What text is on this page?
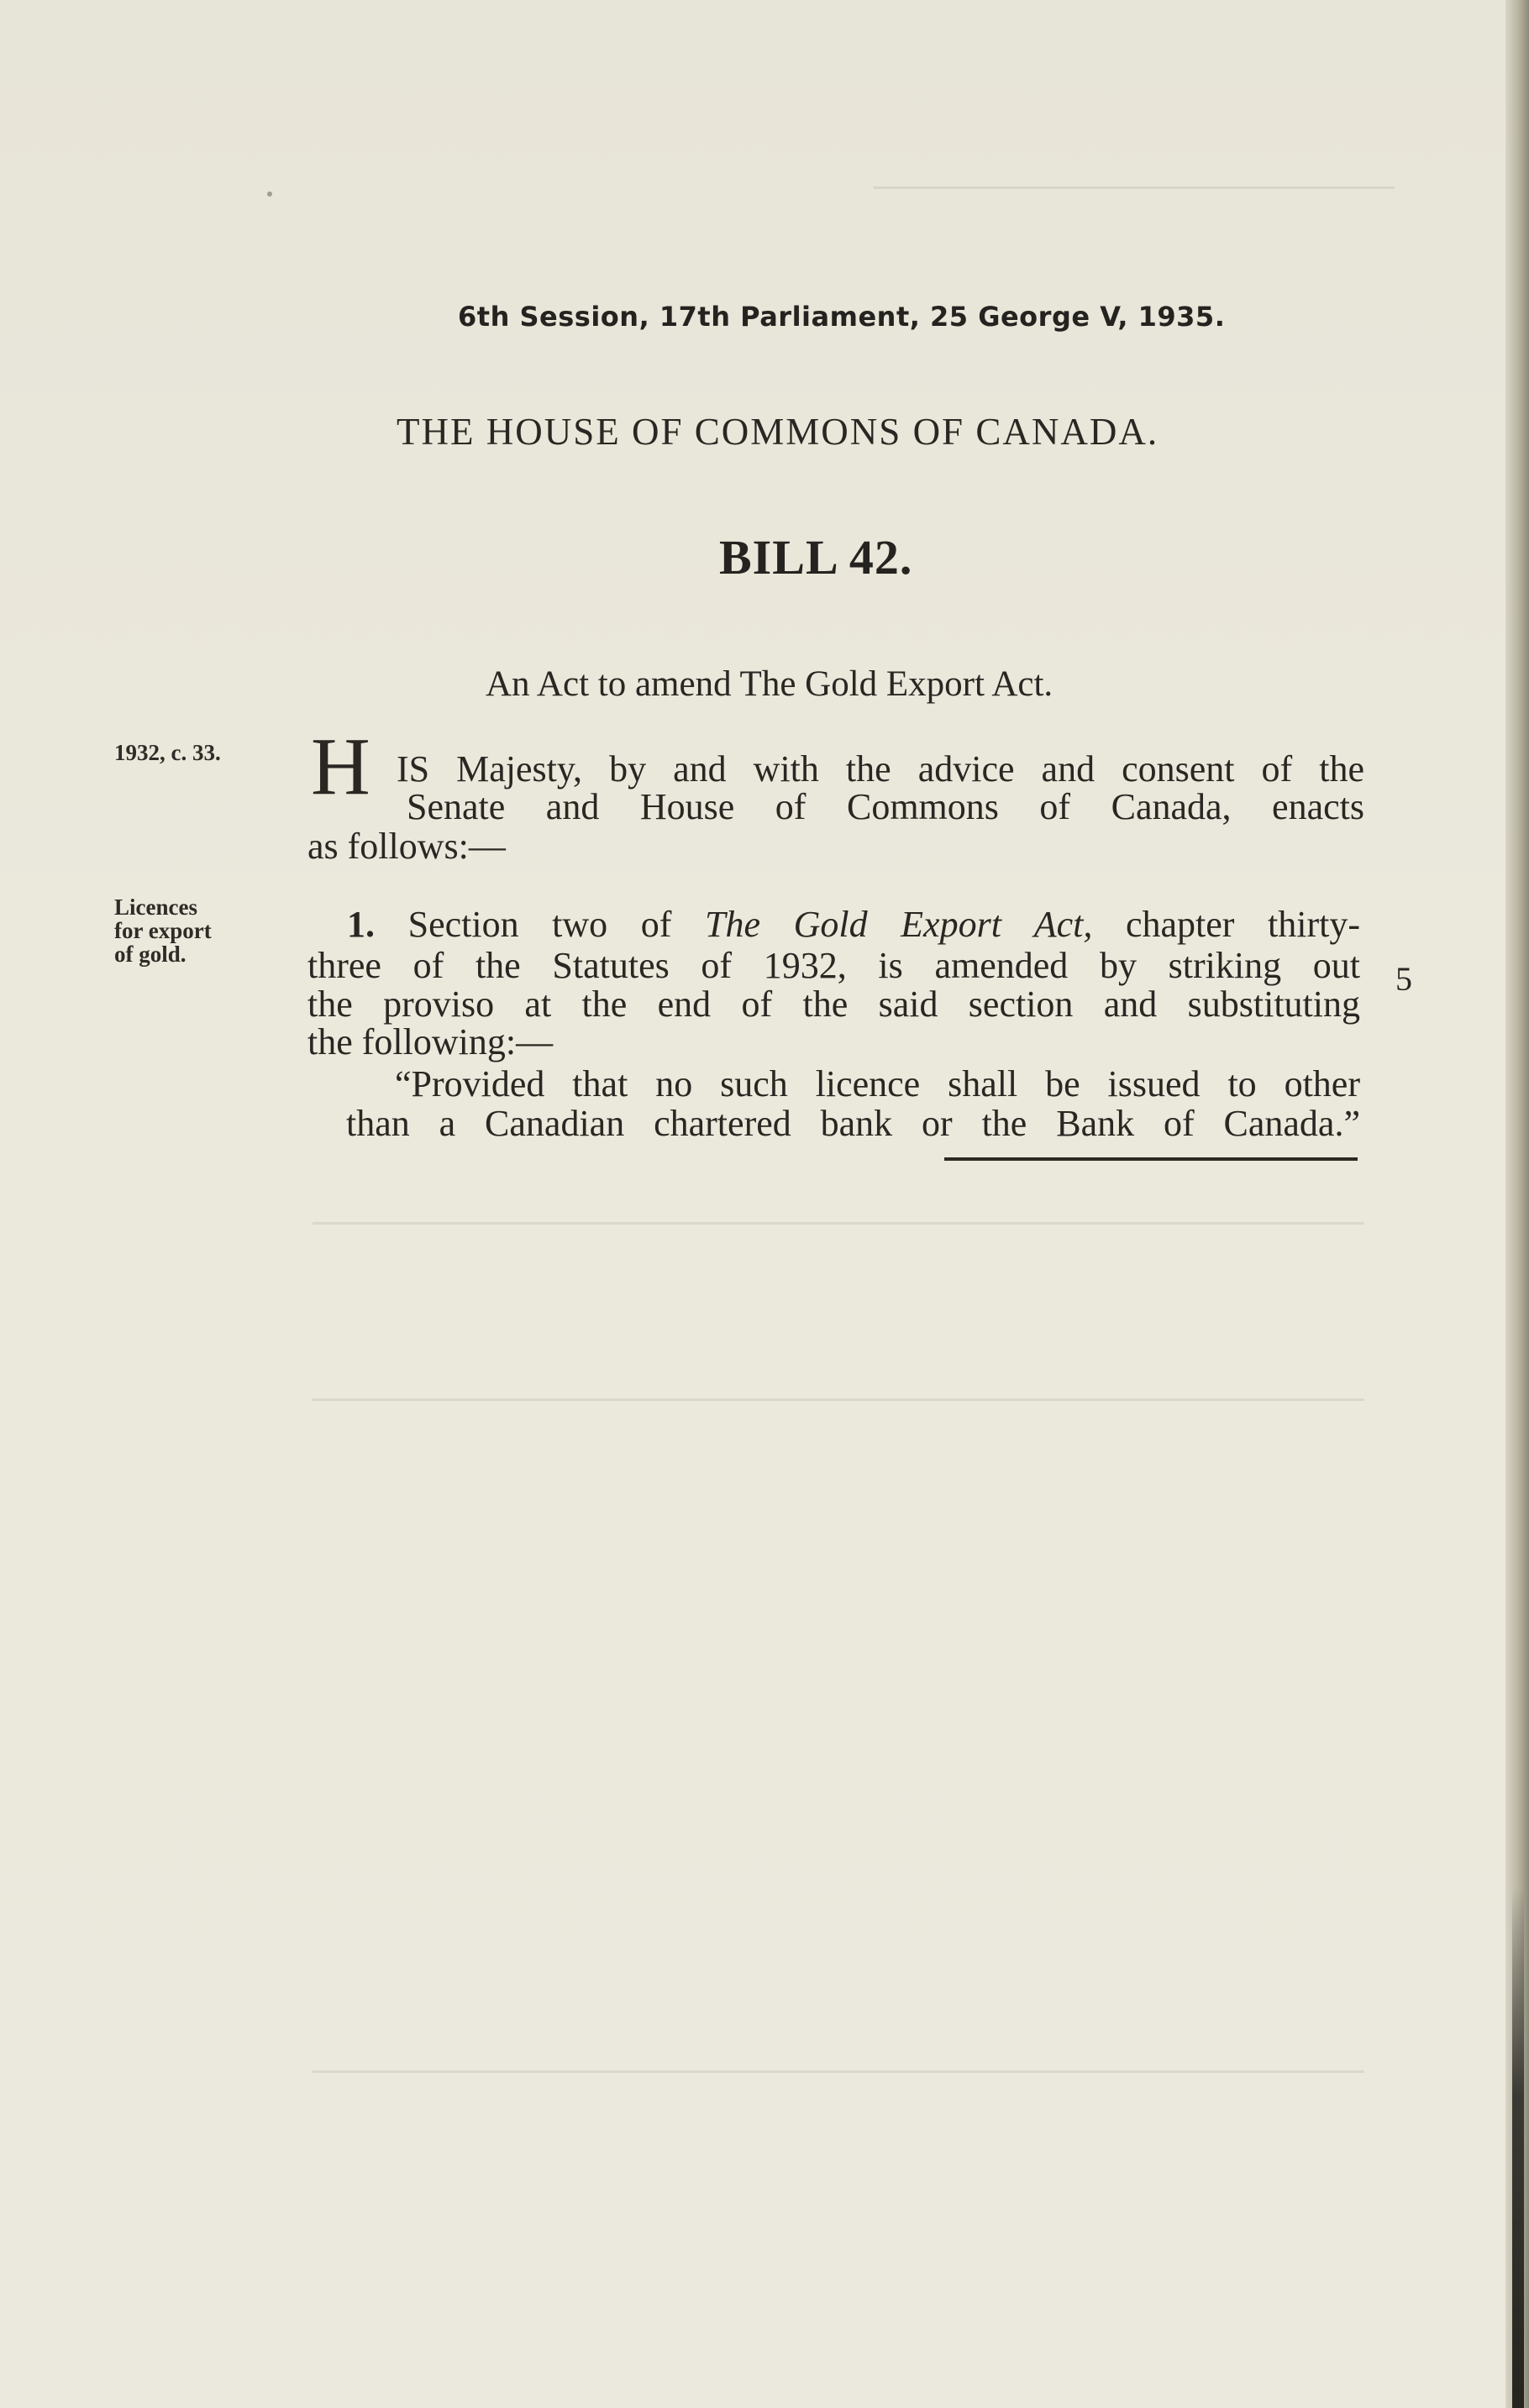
6th Session, 17th Parliament, 25 George V, 1935.
THE HOUSE OF COMMONS OF CANADA.
BILL 42.
An Act to amend The Gold Export Act.
1932, c. 33.
Licences
for export
of gold.
H IS Majesty, by and with the advice and consent of the
Senate and House of Commons of Canada, enacts
as follows:—
1. Section two of The Gold Export Act, chapter thirty-
three of the Statutes of 1932, is amended by striking out
the proviso at the end of the said section and substituting
the following:—
“Provided that no such licence shall be issued to other
than a Canadian chartered bank or the Bank of Canada.”
5
